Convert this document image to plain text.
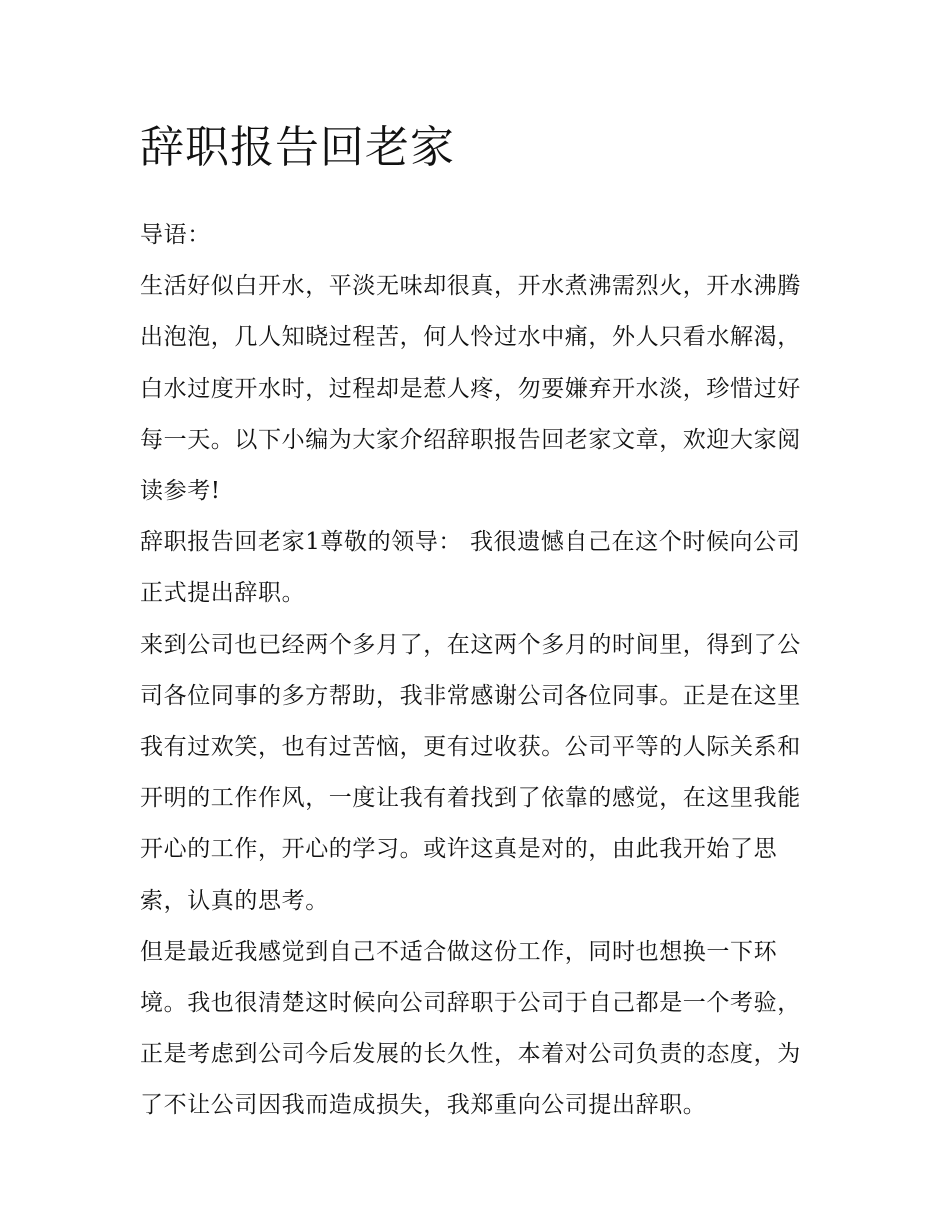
辞职报告回老家

导语：

生活好似白开水，平淡无味却很真，开水煮沸需烈火，开水沸腾出泡泡，几人知晓过程苦，何人怜过水中痛，外人只看水解渴，白水过度开水时，过程却是惹人疼，勿要嫌弃开水淡，珍惜过好每一天。以下小编为大家介绍辞职报告回老家文章，欢迎大家阅读参考!

辞职报告回老家1尊敬的领导： 我很遗憾自己在这个时候向公司正式提出辞职。

来到公司也已经两个多月了，在这两个多月的时间里，得到了公司各位同事的多方帮助，我非常感谢公司各位同事。正是在这里我有过欢笑，也有过苦恼，更有过收获。公司平等的人际关系和开明的工作作风，一度让我有着找到了依靠的感觉，在这里我能开心的工作，开心的学习。或许这真是对的，由此我开始了思索，认真的思考。

但是最近我感觉到自己不适合做这份工作，同时也想换一下环境。我也很清楚这时候向公司辞职于公司于自己都是一个考验，正是考虑到公司今后发展的长久性，本着对公司负责的态度，为了不让公司因我而造成损失，我郑重向公司提出辞职。
